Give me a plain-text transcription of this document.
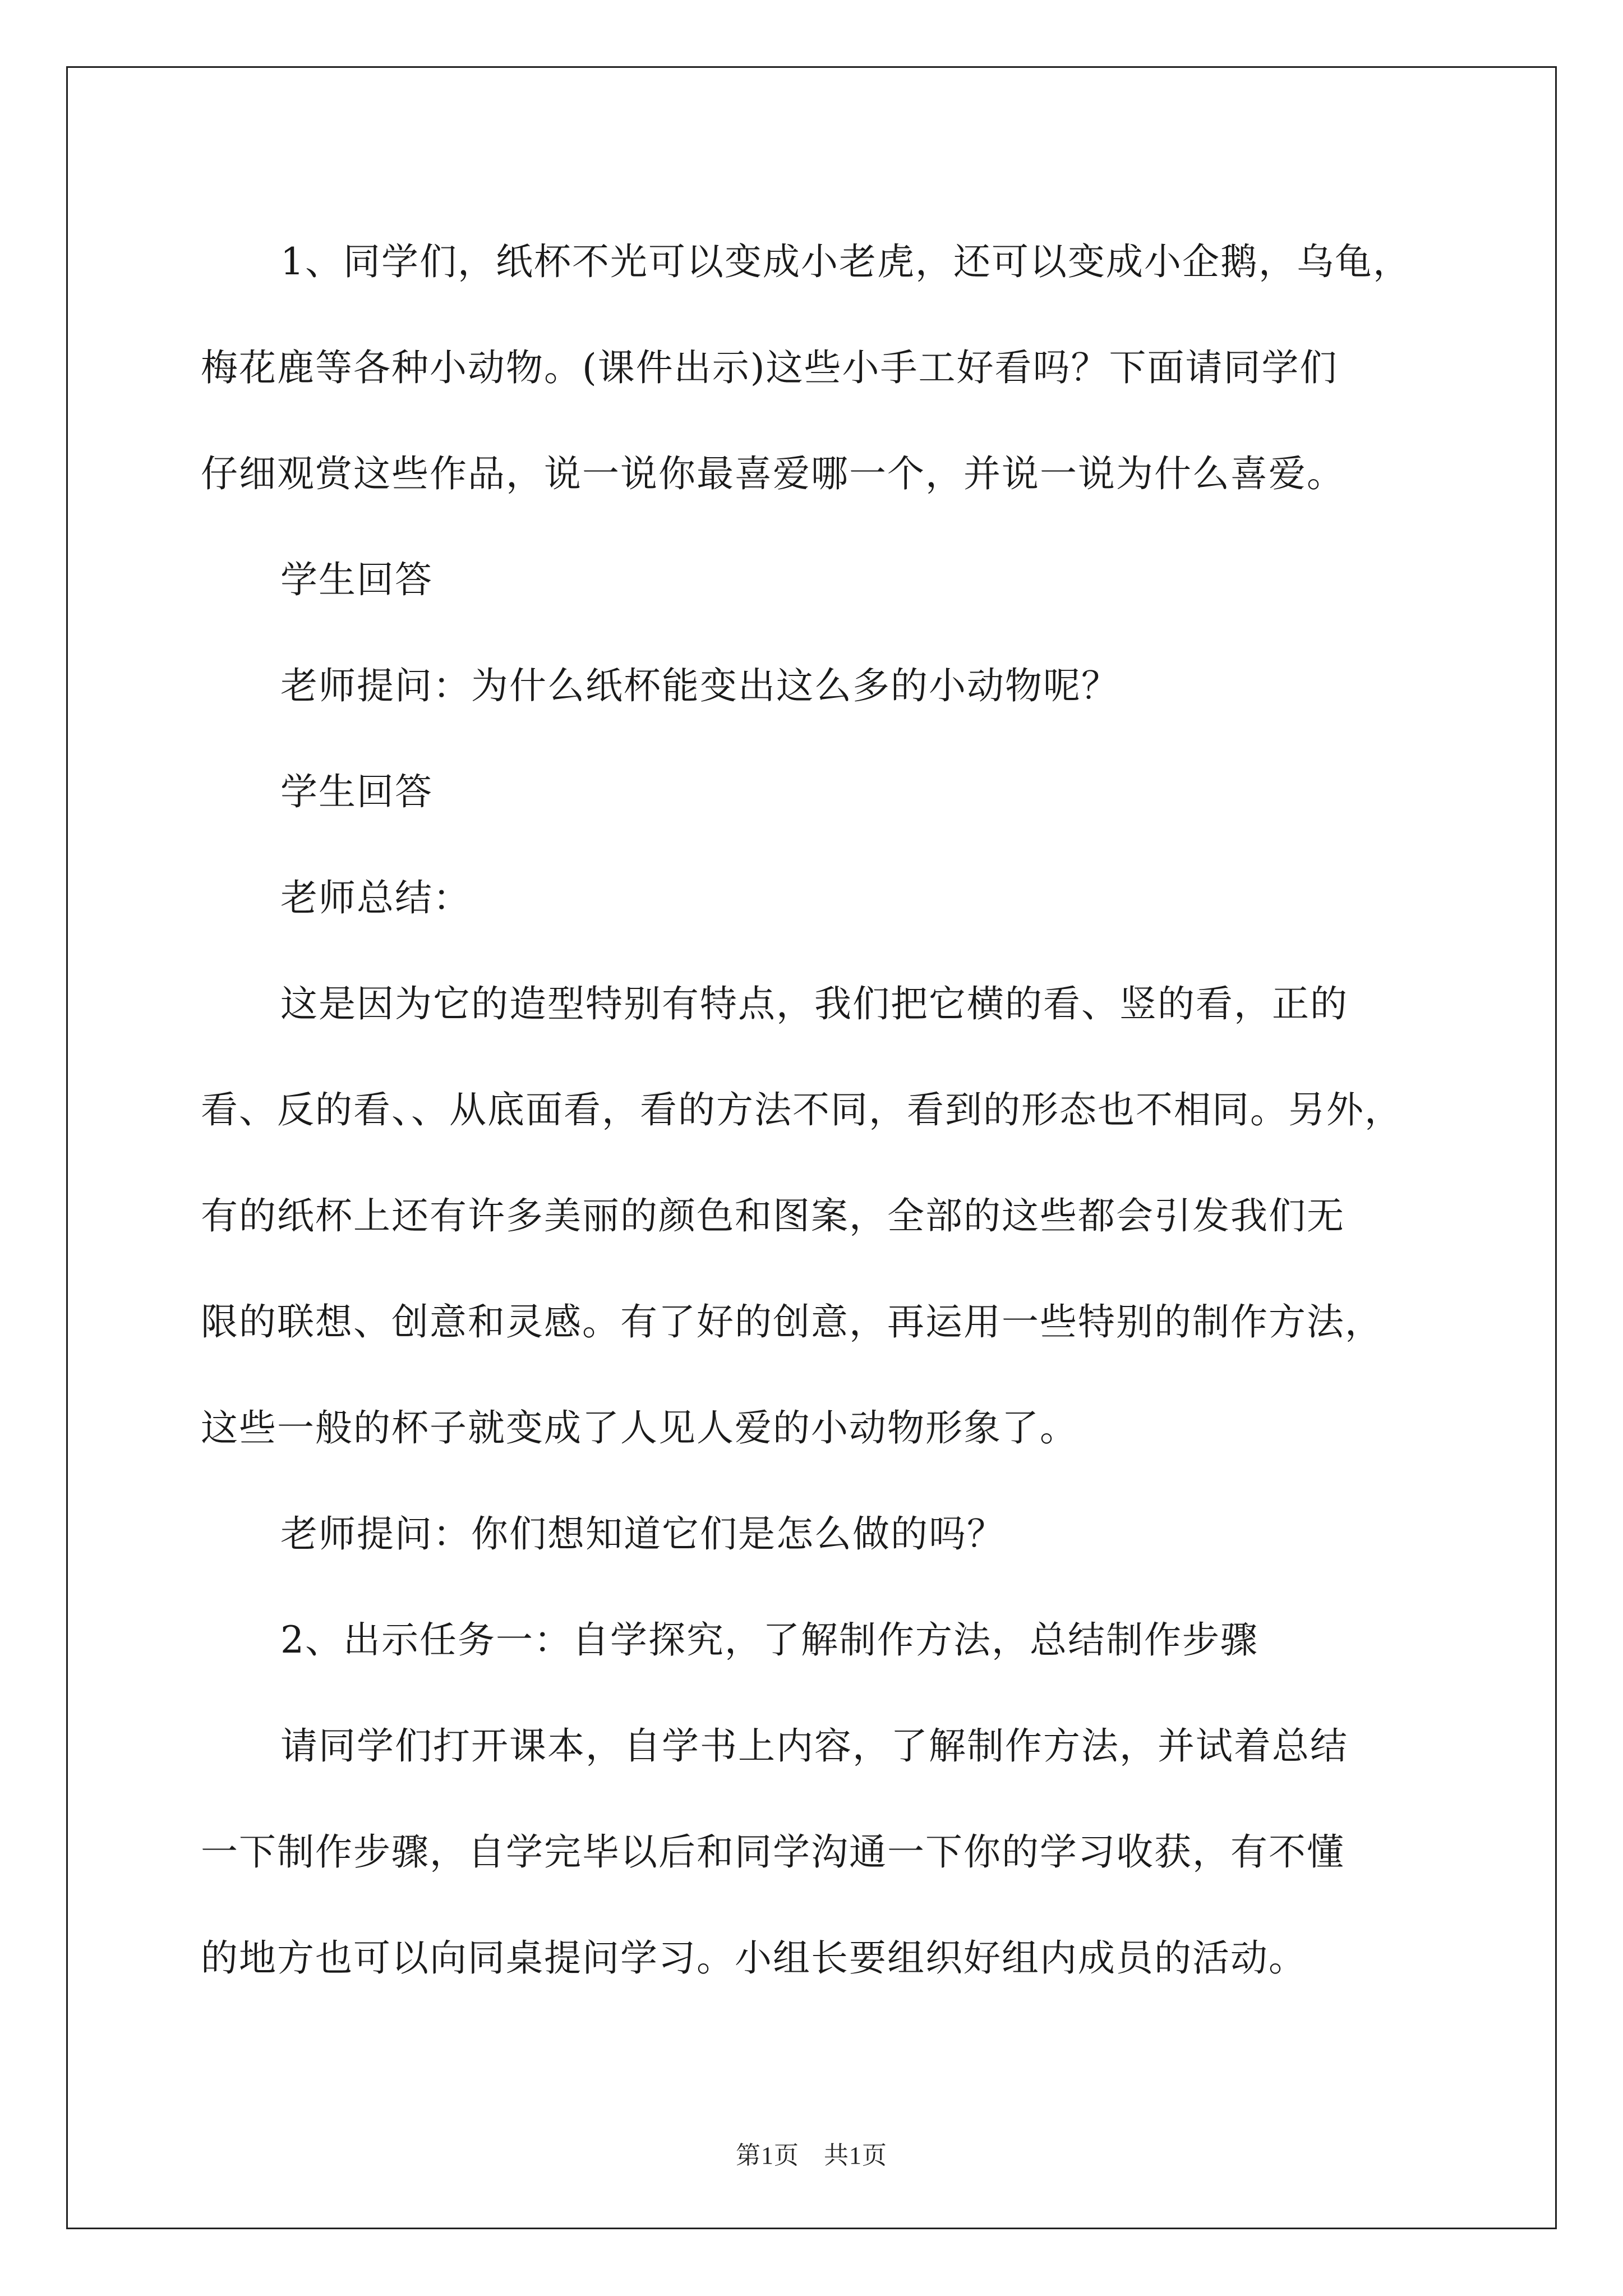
1、同学们，纸杯不光可以变成小老虎，还可以变成小企鹅，乌龟，

梅花鹿等各种小动物。(课件出示)这些小手工好看吗？下面请同学们

仔细观赏这些作品，说一说你最喜爱哪一个，并说一说为什么喜爱。

学生回答

老师提问：为什么纸杯能变出这么多的小动物呢？

学生回答

老师总结：

这是因为它的造型特别有特点，我们把它横的看、竖的看，正的

看、反的看、、从底面看，看的方法不同，看到的形态也不相同。另外，

有的纸杯上还有许多美丽的颜色和图案，全部的这些都会引发我们无

限的联想、创意和灵感。有了好的创意，再运用一些特别的制作方法，

这些一般的杯子就变成了人见人爱的小动物形象了。

老师提问：你们想知道它们是怎么做的吗？

2、出示任务一：自学探究，了解制作方法，总结制作步骤

请同学们打开课本，自学书上内容，了解制作方法，并试着总结

一下制作步骤，自学完毕以后和同学沟通一下你的学习收获，有不懂

的地方也可以向同桌提问学习。小组长要组织好组内成员的活动。

第1页 共1页
